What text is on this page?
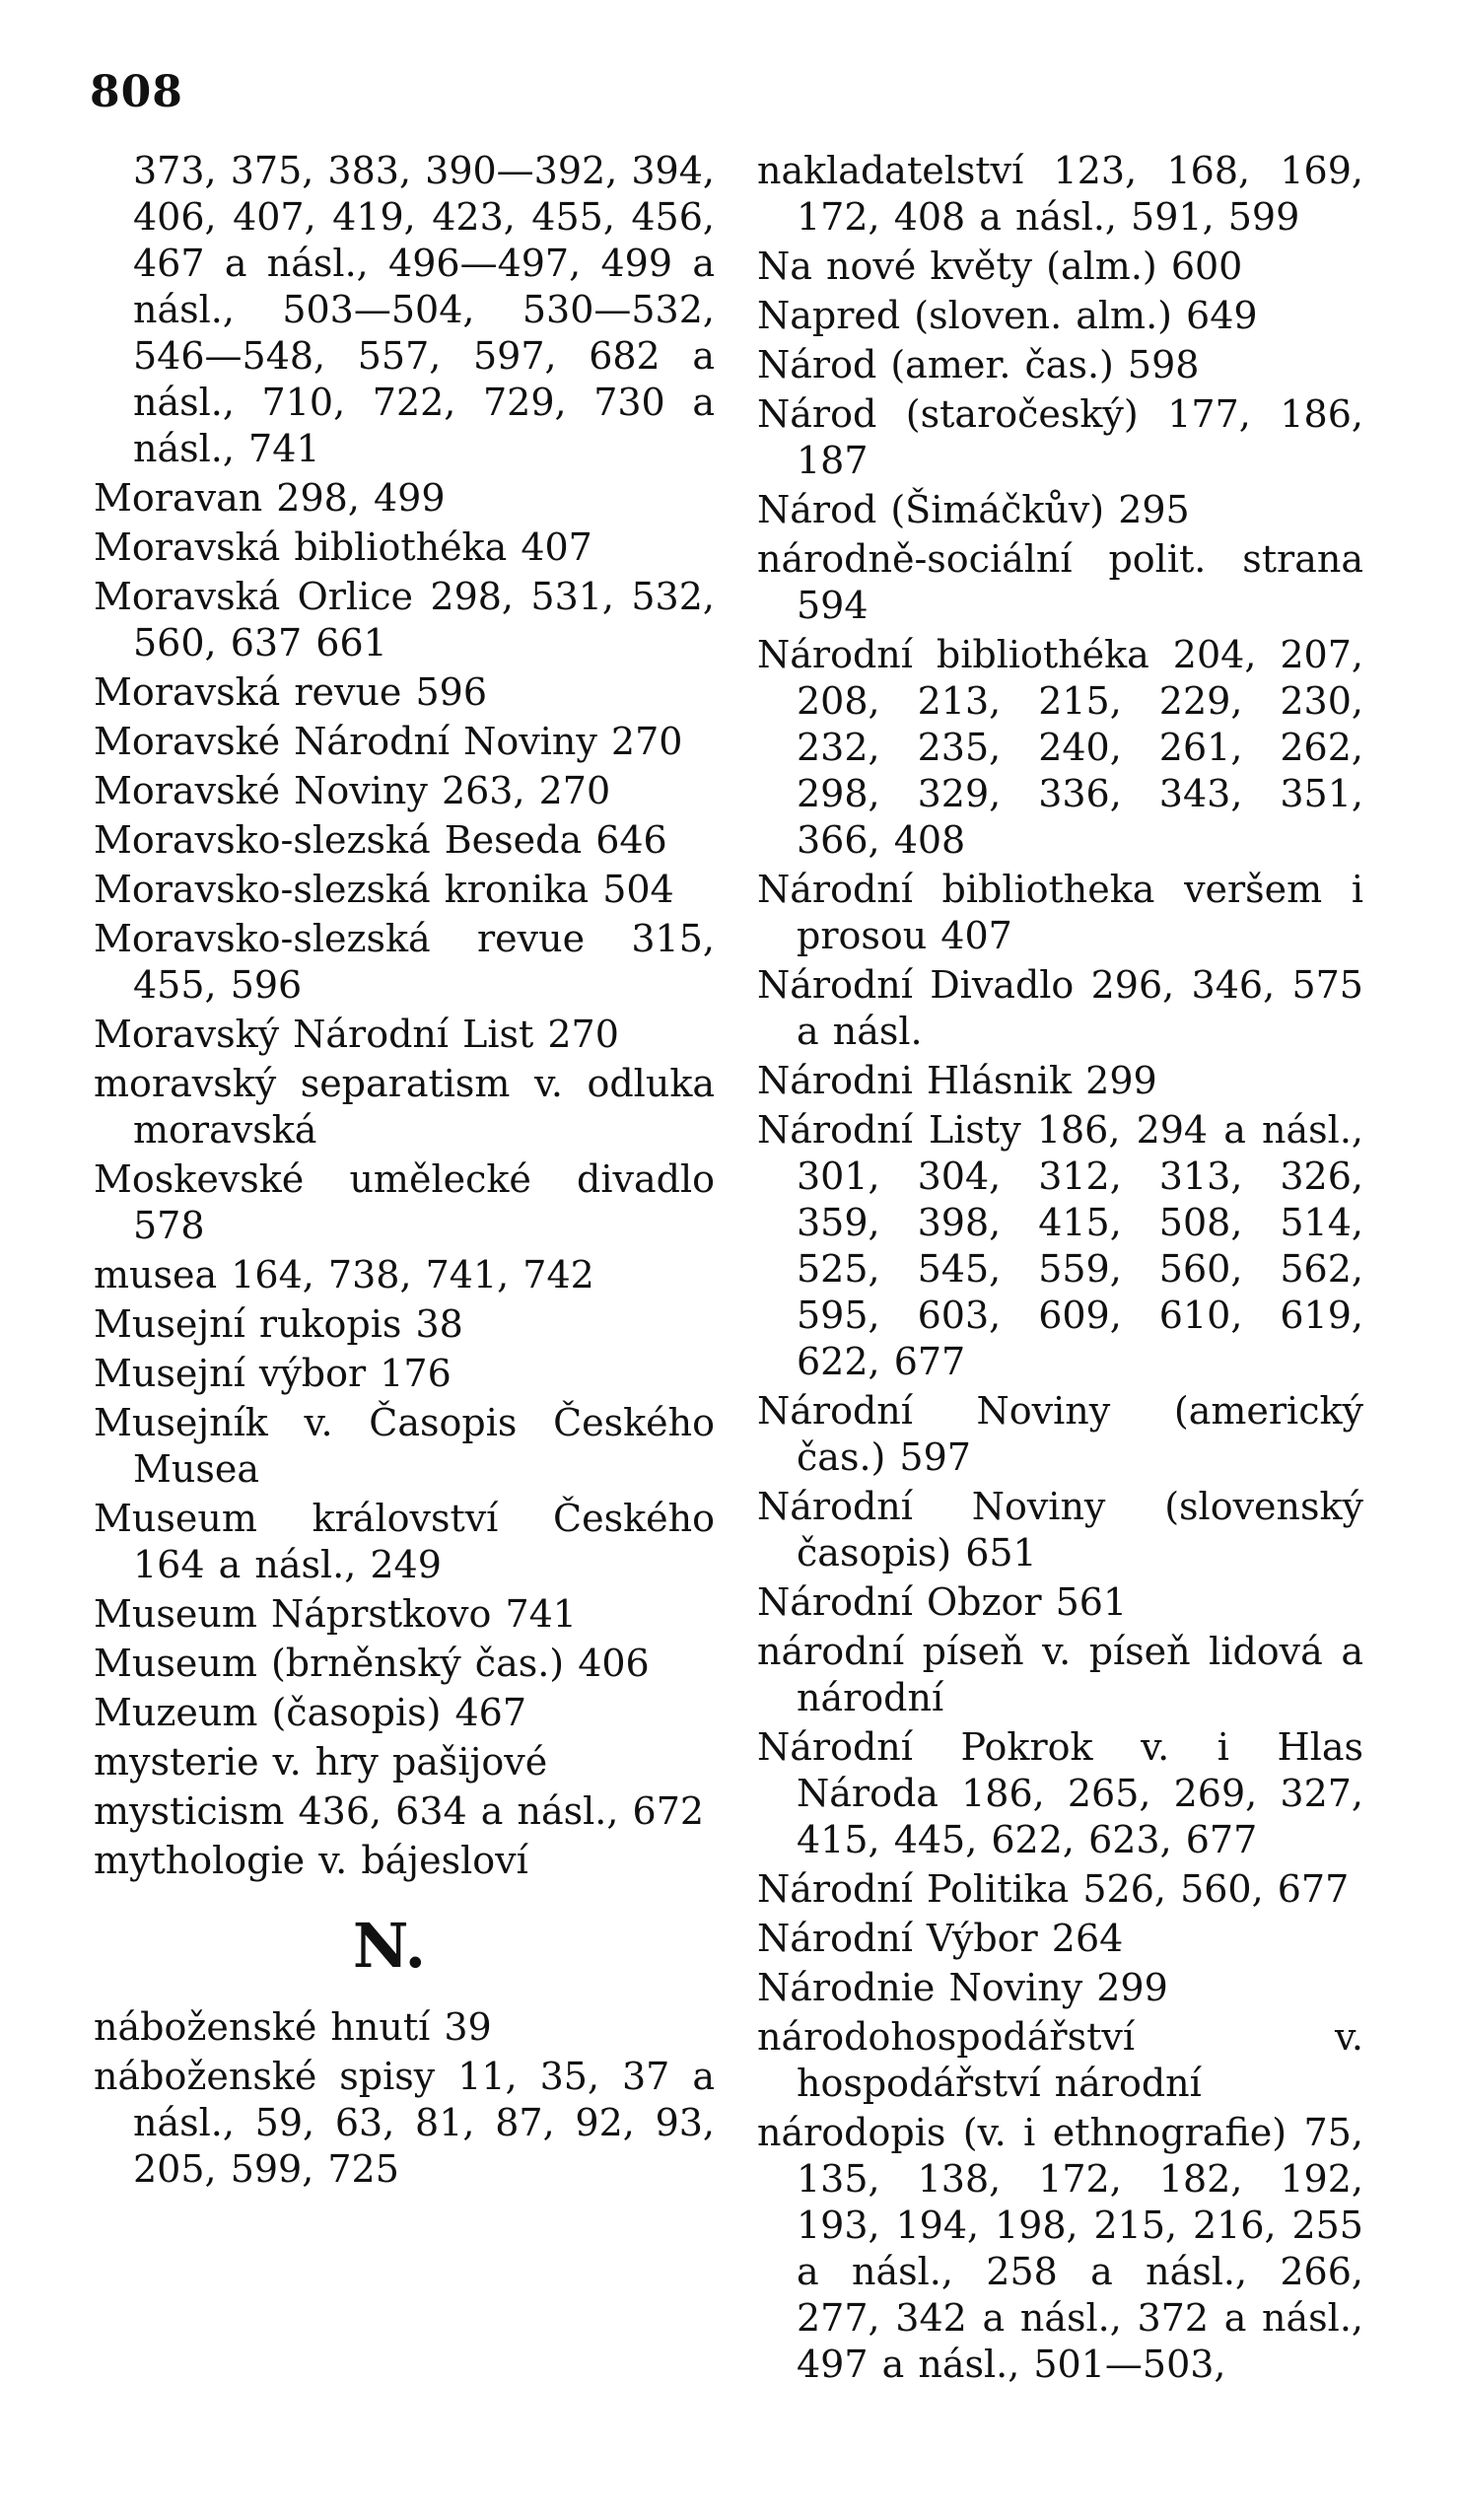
808

373, 375, 383, 390—392, 394, 406, 407, 419, 423, 455, 456, 467 a násl., 496—497, 499 a násl., 503—504, 530—532, 546—548, 557, 597, 682 a násl., 710, 722, 729, 730 a násl., 741

Moravan 298, 499

Moravská bibliothéka 407

Moravská Orlice 298, 531, 532, 560, 637 661

Moravská revue 596

Moravské Národní Noviny 270

Moravské Noviny 263, 270

Moravsko-slezská Beseda 646

Moravsko-slezská kronika 504

Moravsko-slezská revue 315, 455, 596

Moravský Národní List 270

moravský separatism v. odluka moravská

Moskevské umělecké divadlo 578

musea 164, 738, 741, 742

Musejní rukopis 38

Musejní výbor 176

Musejník v. Časopis Českého Musea

Museum království Českého 164 a násl., 249

Museum Náprstkovo 741

Museum (brněnský čas.) 406

Muzeum (časopis) 467

mysterie v. hry pašijové

mysticism 436, 634 a násl., 672

mythologie v. bájesloví

N.

náboženské hnutí 39

náboženské spisy 11, 35, 37 a násl., 59, 63, 81, 87, 92, 93, 205, 599, 725

nakladatelství 123, 168, 169, 172, 408 a násl., 591, 599

Na nové květy (alm.) 600

Napred (sloven. alm.) 649

Národ (amer. čas.) 598

Národ (staročeský) 177, 186, 187

Národ (Šimáčkův) 295

národně-sociální polit. strana 594

Národní bibliothéka 204, 207, 208, 213, 215, 229, 230, 232, 235, 240, 261, 262, 298, 329, 336, 343, 351, 366, 408

Národní bibliotheka veršem i prosou 407

Národní Divadlo 296, 346, 575 a násl.

Národni Hlásnik 299

Národní Listy 186, 294 a násl., 301, 304, 312, 313, 326, 359, 398, 415, 508, 514, 525, 545, 559, 560, 562, 595, 603, 609, 610, 619, 622, 677

Národní Noviny (americký čas.) 597

Národní Noviny (slovenský časopis) 651

Národní Obzor 561

národní píseň v. píseň lidová a národní

Národní Pokrok v. i Hlas Národa 186, 265, 269, 327, 415, 445, 622, 623, 677

Národní Politika 526, 560, 677

Národní Výbor 264

Národnie Noviny 299

národohospodářství v. hospodářství národní

národopis (v. i ethnografie) 75, 135, 138, 172, 182, 192, 193, 194, 198, 215, 216, 255 a násl., 258 a násl., 266, 277, 342 a násl., 372 a násl., 497 a násl., 501—503,
